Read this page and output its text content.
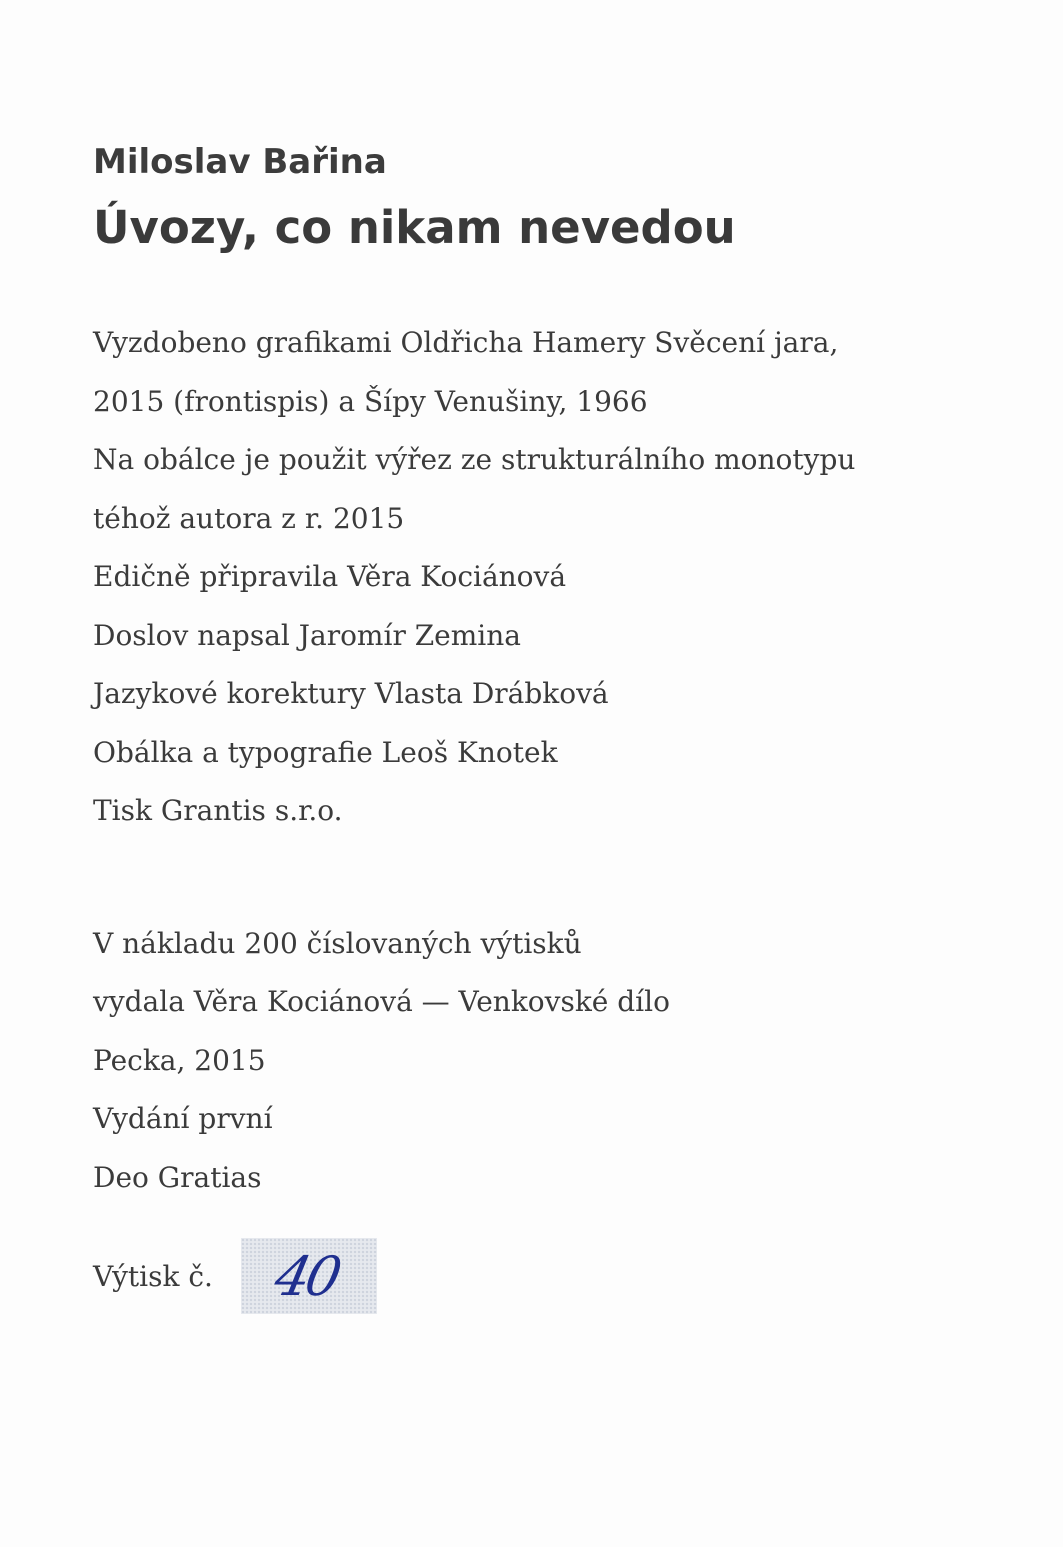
Miloslav Bařina
Úvozy, co nikam nevedou
Vyzdobeno grafikami Oldřicha Hamery Svěcení jara,
2015 (frontispis) a Šípy Venušiny, 1966
Na obálce je použit výřez ze strukturálního monotypu
téhož autora z r. 2015
Edičně připravila Věra Kociánová
Doslov napsal Jaromír Zemina
Jazykové korektury Vlasta Drábková
Obálka a typografie Leoš Knotek
Tisk Grantis s.r.o.
V nákladu 200 číslovaných výtisků
vydala Věra Kociánová — Venkovské dílo
Pecka, 2015
Vydání první
Deo Gratias
Výtisk č. 40
